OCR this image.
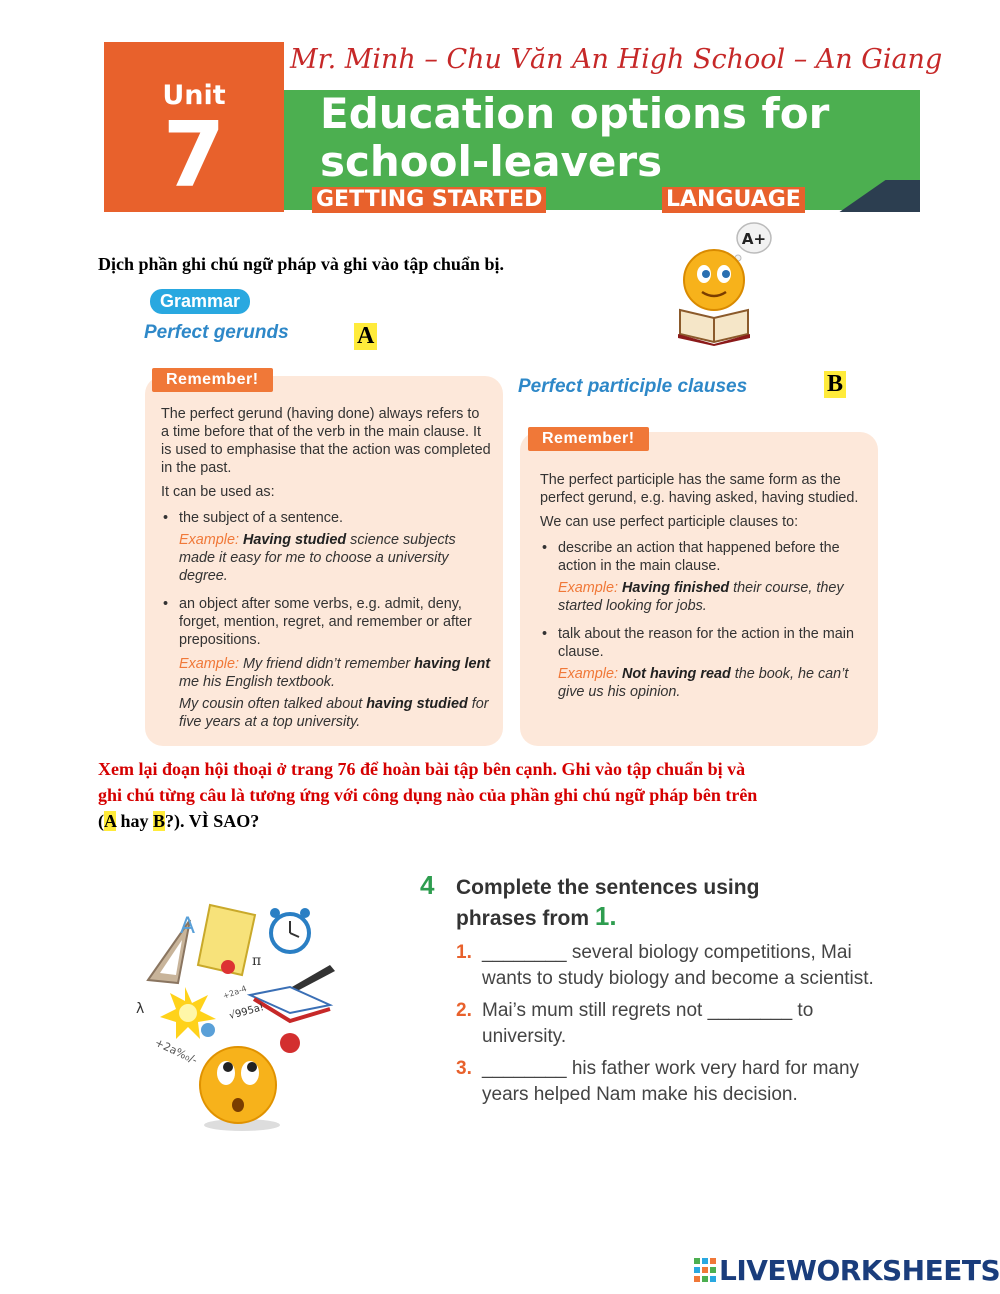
Mr. Minh – Chu Văn An High School – An Giang
Unit
7	Education options for
school-leavers
GETTING STARTED	LANGUAGE
Dịch phần ghi chú ngữ pháp và ghi vào tập chuẩn bị.
A+
Grammar
Perfect gerunds	A
Perfect participle clauses	B
Remember!

The perfect gerund (having done) always refers to a time before that of the verb in the main clause. It is used to emphasise that the action was completed in the past.

It can be used as:

• the subject of a sentence.

Example: Having studied science subjects made it easy for me to choose a university degree.

• an object after some verbs, e.g. admit, deny, forget, mention, regret, and remember or after prepositions.

Example: My friend didn’t remember having lent me his English textbook.

My cousin often talked about having studied for five years at a top university.

Remember!

The perfect participle has the same form as the perfect gerund, e.g. having asked, having studied.

We can use perfect participle clauses to:

• describe an action that happened before the action in the main clause.

Example: Having finished their course, they started looking for jobs.

• talk about the reason for the action in the main clause.

Example: Not having read the book, he can’t give us his opinion.

Xem lại đoạn hội thoại ở trang 76 để hoàn bài tập bên cạnh. Ghi vào tập chuẩn bị và
ghi chú từng câu là tương ứng với công dụng nào của phần ghi chú ngữ pháp bên trên
(A hay B?). VÌ SAO?
A
π
λ
+2a-4
√995a!
+2a%₀/-
4 Complete the sentences using
phrases from 1.
1. ________ several biology competitions, Mai wants to study biology and become a scientist.
2. Mai’s mum still regrets not ________ to university.
3. ________ his father work very hard for many years helped Nam make his decision.
LIVEWORKSHEETS
